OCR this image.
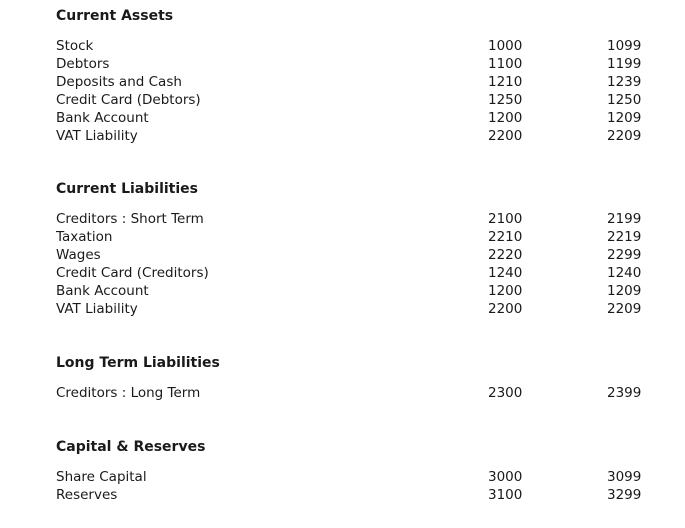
Current Assets
Stock	1000	1099
Debtors	1100	1199
Deposits and Cash	1210	1239
Credit Card (Debtors)	1250	1250
Bank Account	1200	1209
VAT Liability	2200	2209
Current Liabilities
Creditors : Short Term	2100	2199
Taxation	2210	2219
Wages	2220	2299
Credit Card (Creditors)	1240	1240
Bank Account	1200	1209
VAT Liability	2200	2209
Long Term Liabilities
Creditors : Long Term	2300	2399
Capital & Reserves
Share Capital	3000	3099
Reserves	3100	3299
